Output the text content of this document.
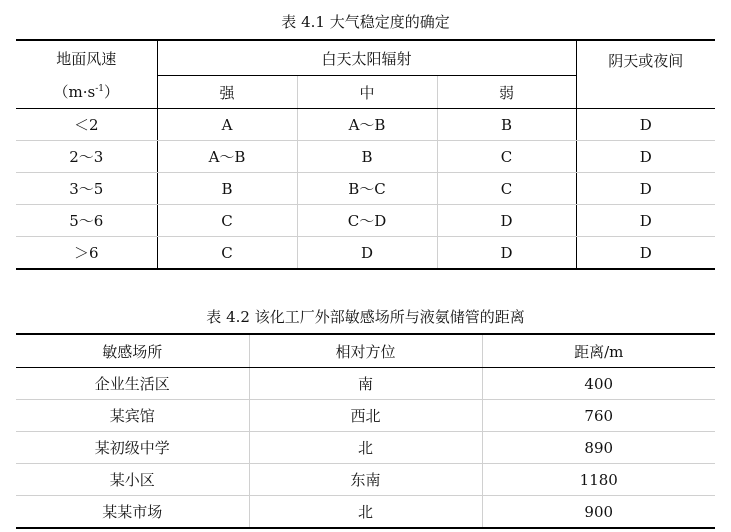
表 4.1 大气稳定度的确定
地面风速	白天太阳辐射			阴天或夜间
$(m\cdot s^{-1})$	强	中	弱	
＜2	A	A～B	B	D
2～3	A～B	B	C	D
3～5	B	B～C	C	D
5～6	C	C～D	D	D
＞6	C	D	D	D
表 4.2 该化工厂外部敏感场所与液氨储管的距离
敏感场所	相对方位	距离/m
企业生活区	南	400
某宾馆	西北	760
某初级中学	北	890
某小区	东南	1180
某某市场	北	900
